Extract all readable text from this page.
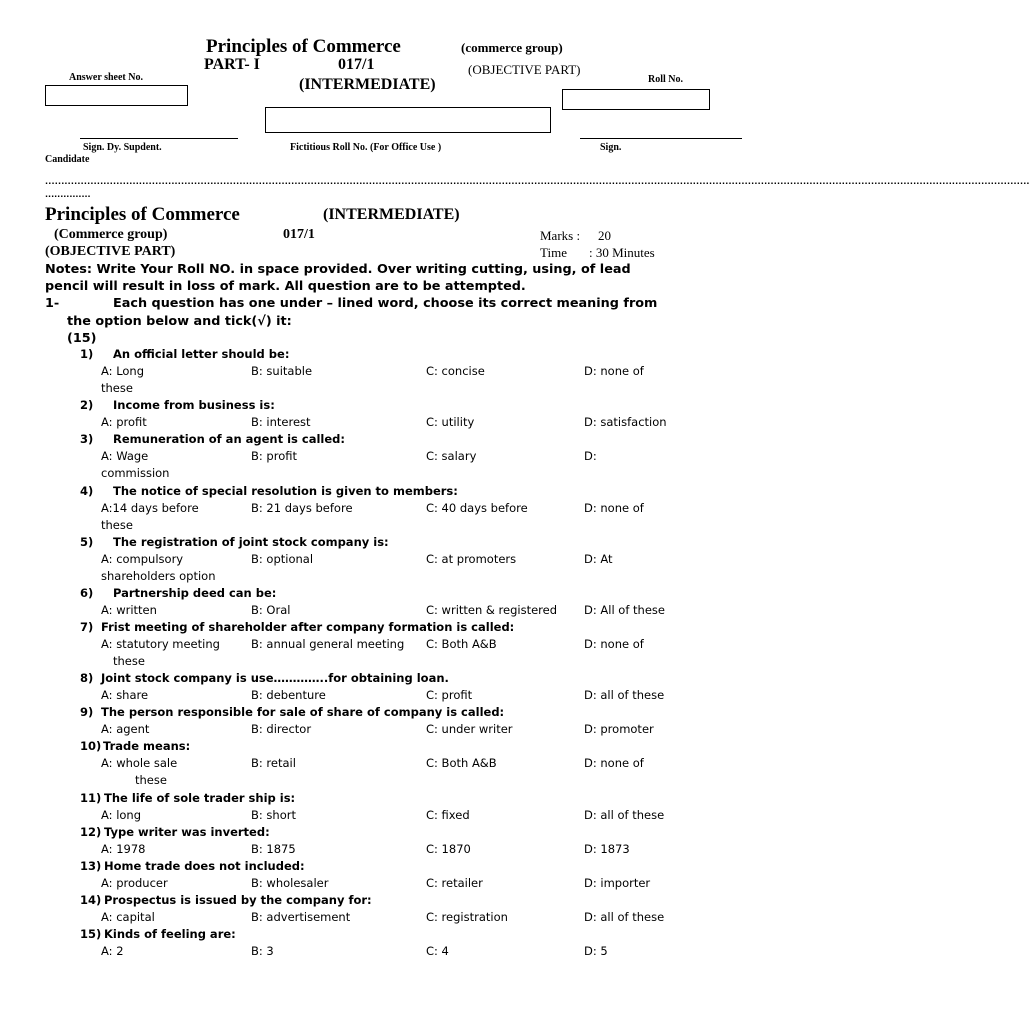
Principles of Commerce	(commerce group)
Answer sheet No.
PART- I	017/1	(OBJECTIVE PART)
Roll No.
(INTERMEDIATE)
Sign. Dy. Supdent.	Fictitious Roll No. (For Office Use )	Sign.
Candidate
................................................................................................................................................................................................................................................................................................................
...............
Principles of Commerce	(INTERMEDIATE)
(Commerce group)	017/1	Marks : 20
(OBJECTIVE PART)	Time : 30 Minutes
Notes: Write Your Roll NO. in space provided. Over writing cutting, using, of lead
pencil will result in loss of mark. All question are to be attempted.
1-	Each question has one under – lined word, choose its correct meaning from
the option below and tick(√) it:
(15)
1) An official letter should be:
A: Long	B: suitable	C: concise	D: none of
these
2) Income from business is:
A: profit	B: interest	C: utility	D: satisfaction
3) Remuneration of an agent is called:
A: Wage	B: profit	C: salary	D:
commission
4) The notice of special resolution is given to members:
A:14 days before	B: 21 days before	C: 40 days before	D: none of
these
5) The registration of joint stock company is:
A: compulsory	B: optional	C: at promoters	D: At
shareholders option
6) Partnership deed can be:
A: written	B: Oral	C: written & registered D: All of these
7) Frist meeting of shareholder after company formation is called:
A: statutory meeting	B: annual general meeting C: Both A&B	D: none of
these
8) Joint stock company is use…………..for obtaining loan.
A: share	B: debenture	C: profit	D: all of these
9) The person responsible for sale of share of company is called:
A: agent	B: director	C: under writer	D: promoter
10) Trade means:
A: whole sale	B: retail	C: Both A&B	D: none of
these
11) The life of sole trader ship is:
A: long	B: short	C: fixed	D: all of these
12) Type writer was inverted:
A: 1978	B: 1875	C: 1870	D: 1873
13) Home trade does not included:
A: producer	B: wholesaler	C: retailer	D: importer
14) Prospectus is issued by the company for:
A: capital	B: advertisement	C: registration	D: all of these
15) Kinds of feeling are:
A: 2	B: 3	C: 4	D: 5
